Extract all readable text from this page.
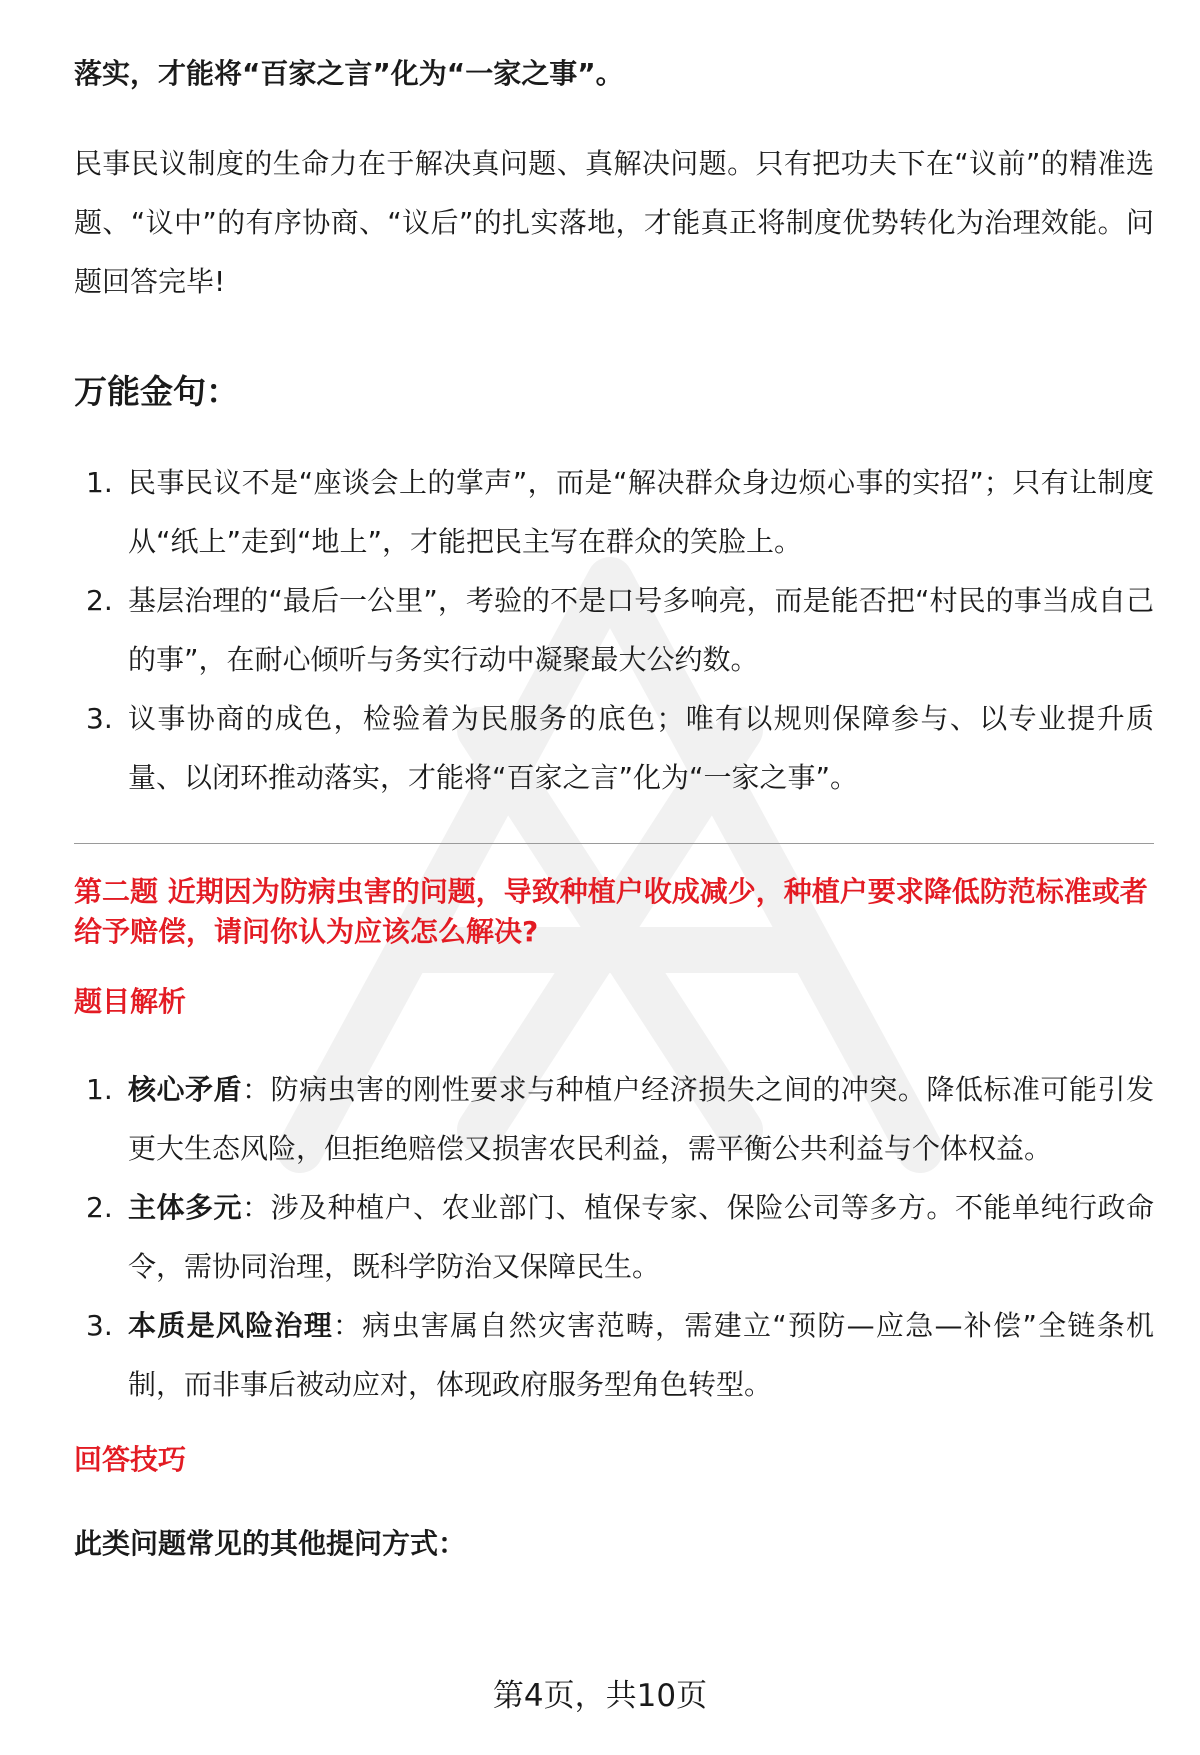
落实，才能将“百家之言”化为“一家之事”。

民事民议制度的生命力在于解决真问题、真解决问题。只有把功夫下在“议前”的精准选题、“议中”的有序协商、“议后”的扎实落地，才能真正将制度优势转化为治理效能。问题回答完毕!

万能金句：
1. 民事民议不是“座谈会上的掌声”，而是“解决群众身边烦心事的实招”；只有让制度从“纸上”走到“地上”，才能把民主写在群众的笑脸上。
2. 基层治理的“最后一公里”，考验的不是口号多响亮，而是能否把“村民的事当成自己的事”，在耐心倾听与务实行动中凝聚最大公约数。
3. 议事协商的成色，检验着为民服务的底色；唯有以规则保障参与、以专业提升质量、以闭环推动落实，才能将“百家之言”化为“一家之事”。
第二题 近期因为防病虫害的问题，导致种植户收成减少，种植户要求降低防范标准或者给予赔偿，请问你认为应该怎么解决?
题目解析
1. 核心矛盾：防病虫害的刚性要求与种植户经济损失之间的冲突。降低标准可能引发更大生态风险，但拒绝赔偿又损害农民利益，需平衡公共利益与个体权益。
2. 主体多元：涉及种植户、农业部门、植保专家、保险公司等多方。不能单纯行政命令，需协同治理，既科学防治又保障民生。
3. 本质是风险治理：病虫害属自然灾害范畴，需建立“预防—应急—补偿”全链条机制，而非事后被动应对，体现政府服务型角色转型。
回答技巧

此类问题常见的其他提问方式：

第4页，共10页
